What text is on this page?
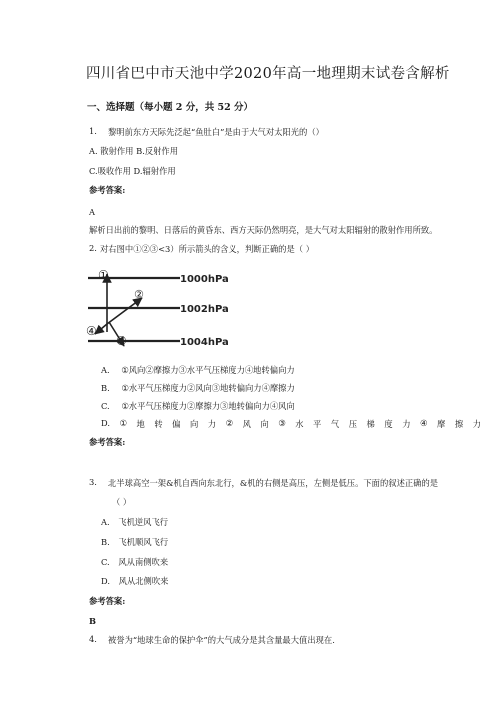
四川省巴中市天池中学2020年高一地理期末试卷含解析
一、选择题（每小题 2 分，共 52 分）
1. 黎明前东方天际先泛起“鱼肚白”是由于大气对太阳光的（）
A. 散射作用 B.反射作用
C.吸收作用 D.辐射作用
参考答案:
A
解析日出前的黎明、日落后的黄昏东、西方天际仍然明亮，是大气对太阳辐射的散射作用所致。
2. 对右图中①②③<3）所示箭头的含义，判断正确的是（ ）
1000hPa
1002hPa
1004hPa
①
②
③
④
A. ①风向②摩擦力③水平气压梯度力④地转偏向力
B. ①水平气压梯度力②风向③地转偏向力④摩擦力
C. ①水平气压梯度力②摩擦力③地转偏向力④风向
D. ① 地 转 偏 向 力 ② 风 向 ③ 水 平 气 压 梯 度 力 ④ 摩 擦 力
参考答案:
3. 北半球高空一架&机自西向东北行，&机的右侧是高压，左侧是低压。下面的叙述正确的是
（ ）
A. 飞机逆风飞行
B. 飞机顺风飞行
C. 风从南侧吹来
D. 风从北侧吹来
参考答案:
B
4. 被誉为“地球生命的保护伞”的大气成分是其含量最大值出现在.
